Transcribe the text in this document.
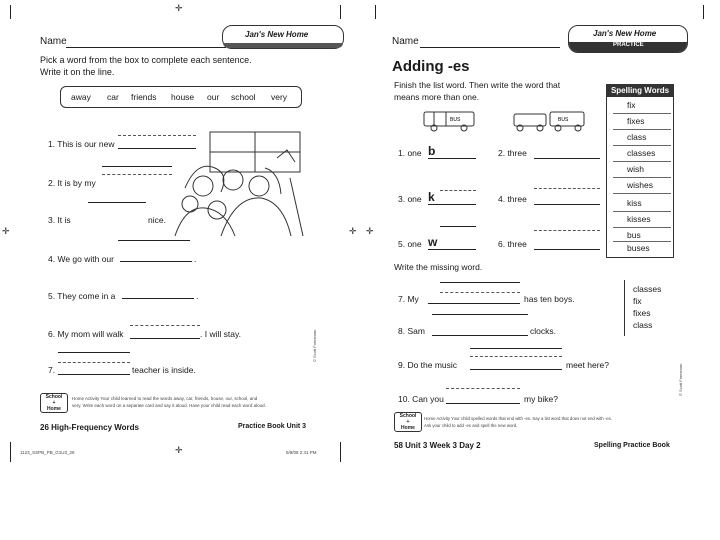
✛
✛	✛ ✛
✛
Name
Jan's New Home
Pick a word from the box to complete each sentence.
Write it on the line.
away car friends house our school very
1. This is our new
2. It is by my
3. It is	nice.
4. We go with our	.
5. They come in a	.
6. My mom will walk	. I will stay.
7.	teacher is inside.
© Scott Foresman
School
+
Home
Home Activity Your child learned to read the words away, car, friends, house, our, school, and
very. Write each word on a separate card and say it aloud. Have your child read each word aloud.
26 High-Frequency Words	Practice Book Unit 3
1123_SSPB_PB_G1U3_26	5/9/08 2:41 PM
Name
Jan's New Home
PRACTICE
Adding -es
Finish the list word. Then write the word that
means more than one.
BUS	BUS
1. one b	2. three
3. one k	4. three
5. one w	6. three
Spelling Words
fix
fixes
class
classes
wish
wishes
kiss
kisses
bus
buses
Write the missing word.
classes
fix
fixes
class
7. My	has ten boys.
8. Sam	clocks.
9. Do the music	meet here?
10. Can you	my bike?
© Scott Foresman
School
+
Home
Home Activity Your child spelled words that end with -es. Say a list word that does not end with -es.
Ask your child to add -es and spell the new word.
58 Unit 3 Week 3 Day 2	Spelling Practice Book
